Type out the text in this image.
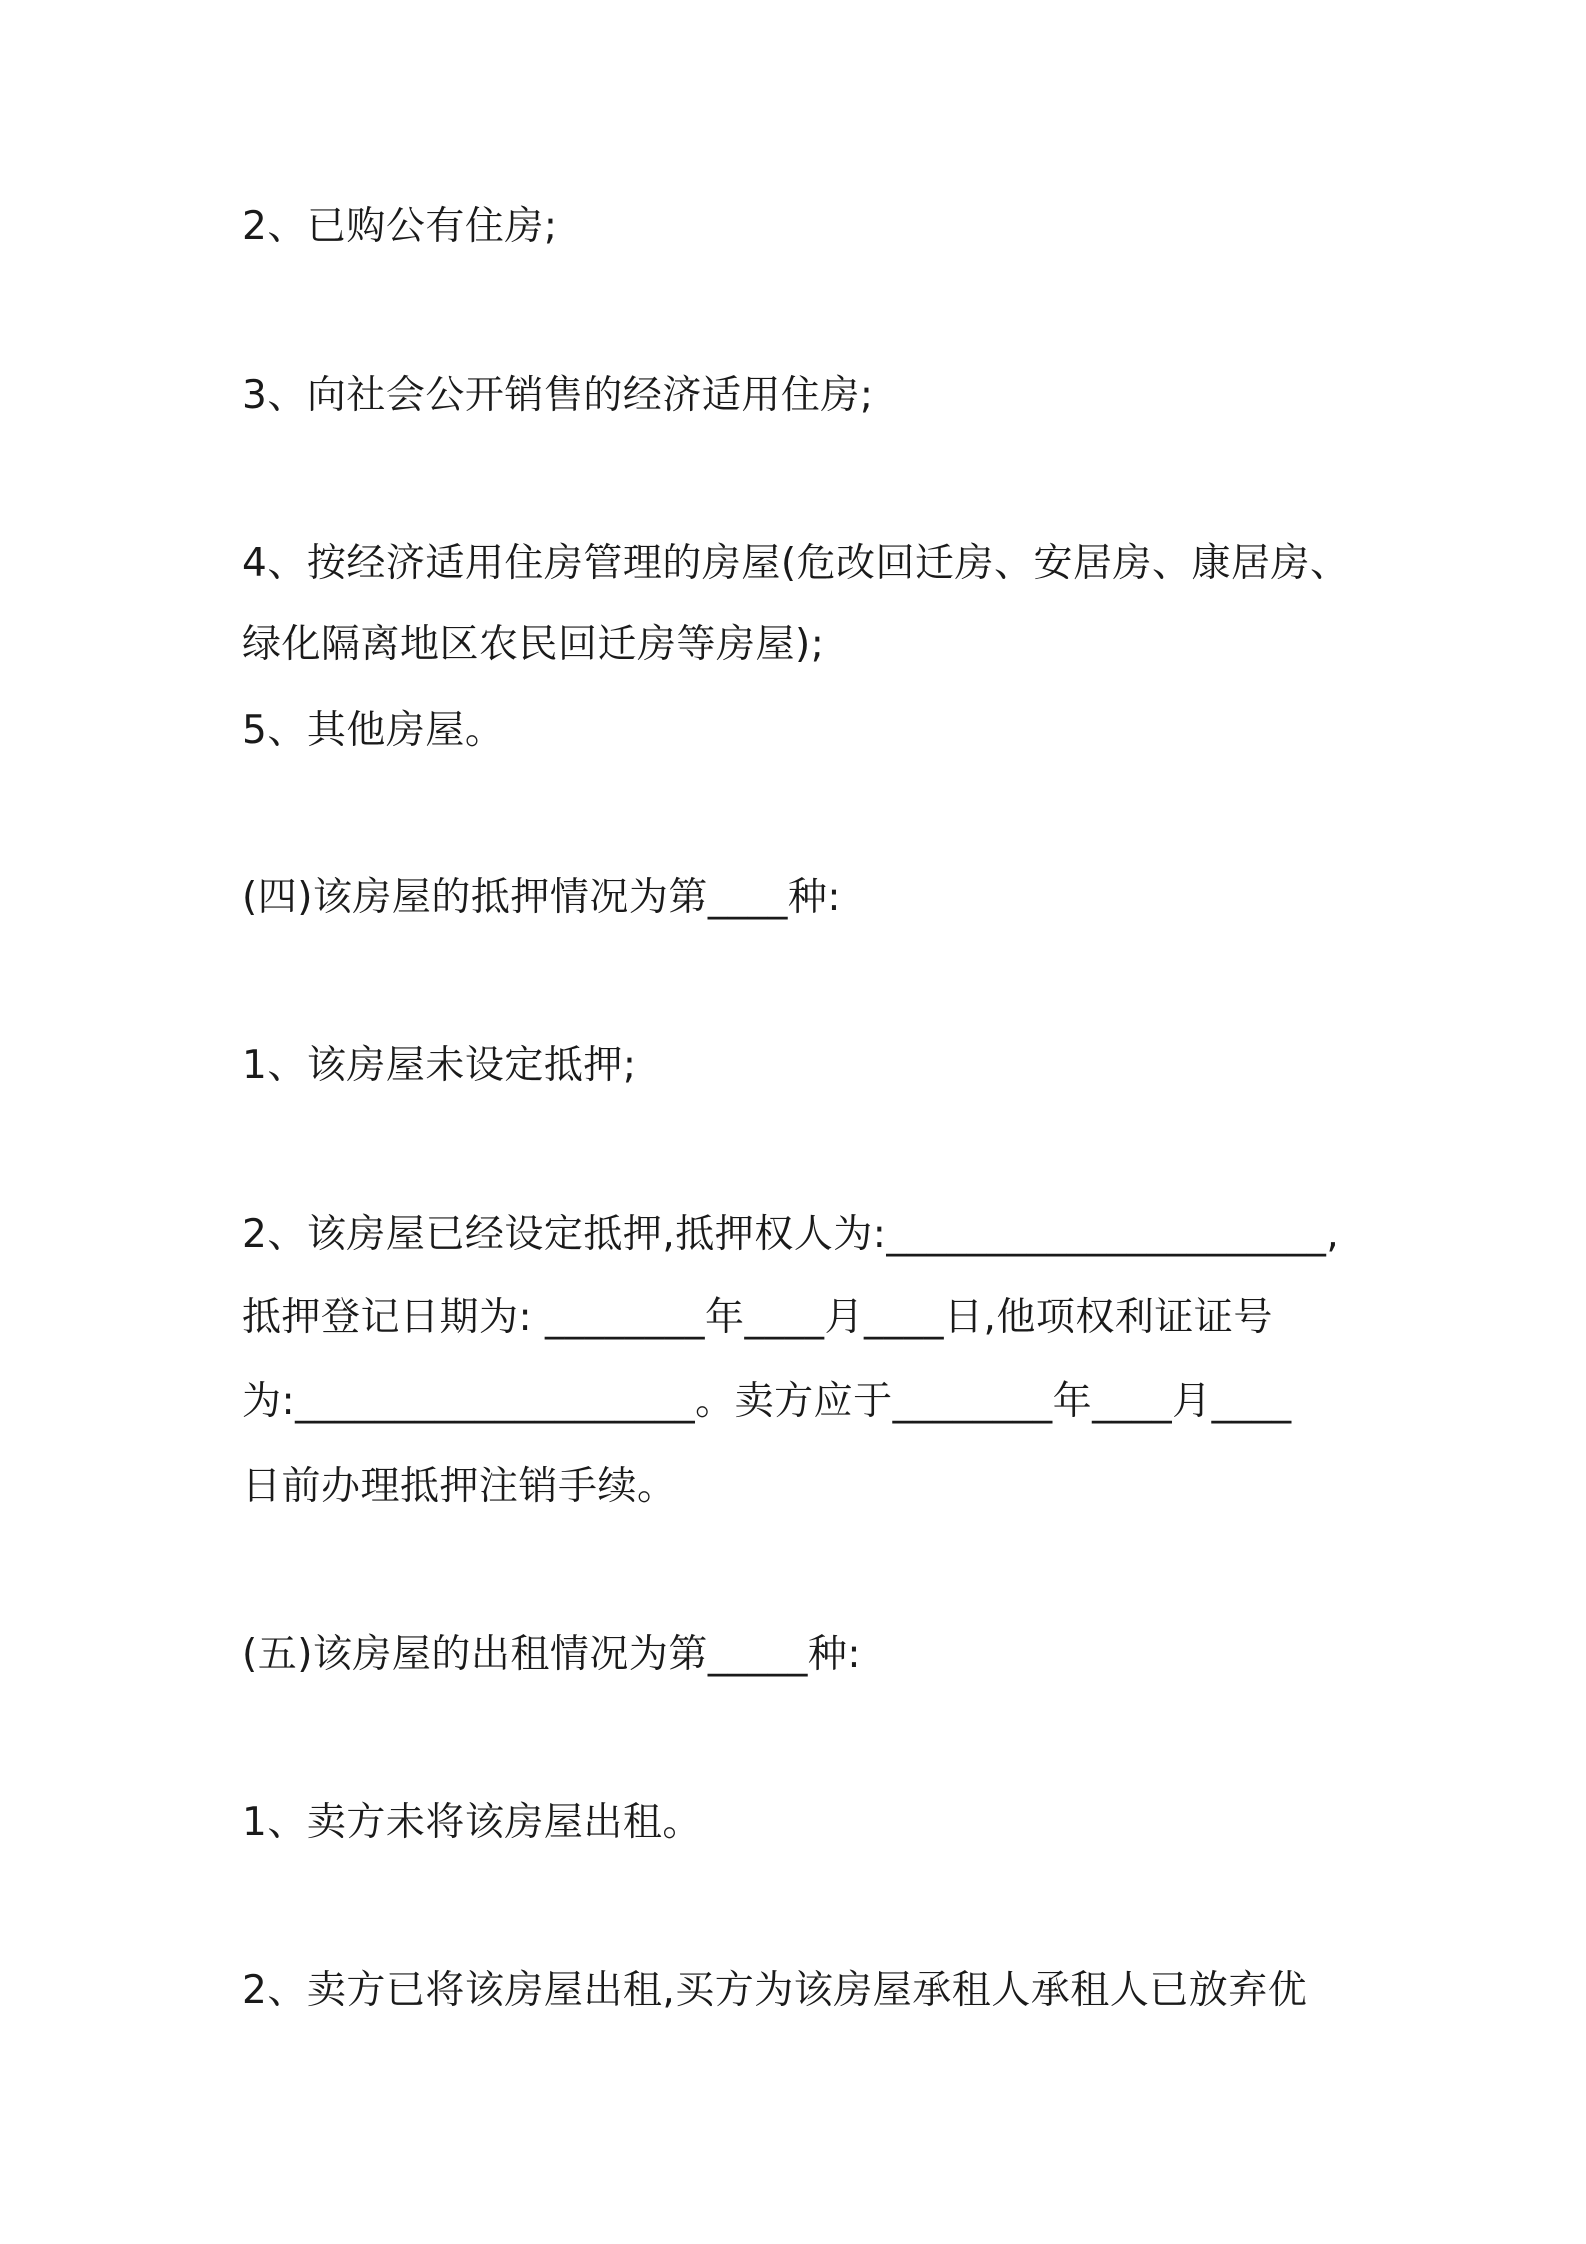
2、已购公有住房;
3、向社会公开销售的经济适用住房;
4、按经济适用住房管理的房屋(危改回迁房、安居房、康居房、
绿化隔离地区农民回迁房等房屋);
5、其他房屋。
(四)该房屋的抵押情况为第____种:
1、该房屋未设定抵押;
2、该房屋已经设定抵押,抵押权人为:______________________,
抵押登记日期为: ________年____月____日,他项权利证证号
为:____________________。卖方应于________年____月____
日前办理抵押注销手续。
(五)该房屋的出租情况为第_____种:
1、卖方未将该房屋出租。
2、卖方已将该房屋出租,买方为该房屋承租人承租人已放弃优
